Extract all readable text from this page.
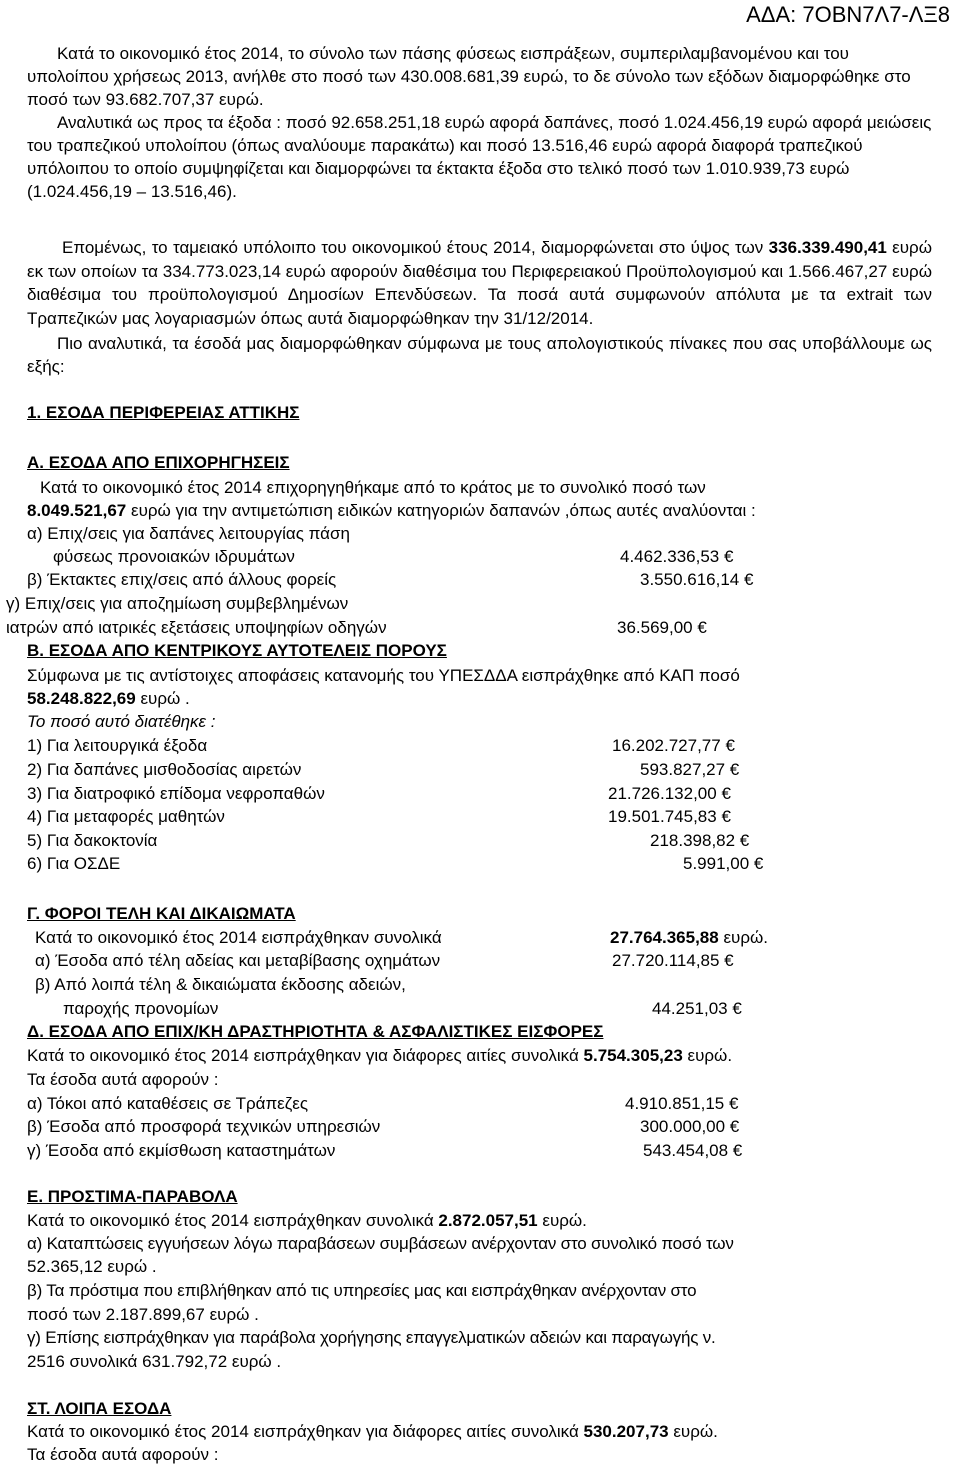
ΑΔΑ: 7ΟΒΝ7Λ7-ΛΞ8
Κατά το οικονομικό έτος 2014, το σύνολο των πάσης φύσεως εισπράξεων, συμπεριλαμβανομένου και του υπολοίπου χρήσεως 2013, ανήλθε στο ποσό των 430.008.681,39 ευρώ, το δε σύνολο των εξόδων διαμορφώθηκε στο ποσό των 93.682.707,37 ευρώ.
Αναλυτικά ως προς τα έξοδα : ποσό 92.658.251,18 ευρώ αφορά δαπάνες, ποσό 1.024.456,19 ευρώ αφορά μειώσεις του τραπεζικού υπολοίπου (όπως αναλύουμε παρακάτω) και ποσό 13.516,46 ευρώ αφορά διαφορά τραπεζικού υπόλοιπου το οποίο συμψηφίζεται και διαμορφώνει τα έκτακτα έξοδα στο τελικό ποσό των 1.010.939,73 ευρώ (1.024.456,19 – 13.516,46).
Επομένως, το ταμειακό υπόλοιπο του οικονομικού έτους 2014, διαμορφώνεται στο ύψος των 336.339.490,41 ευρώ εκ των οποίων τα 334.773.023,14 ευρώ αφορούν διαθέσιμα του Περιφερειακού Προϋπολογισμού και 1.566.467,27 ευρώ διαθέσιμα του προϋπολογισμού Δημοσίων Επενδύσεων. Τα ποσά αυτά συμφωνούν απόλυτα με τα extrait των Τραπεζικών μας λογαριασμών όπως αυτά διαμορφώθηκαν την 31/12/2014.
Πιο αναλυτικά, τα έσοδά μας διαμορφώθηκαν σύμφωνα με τους απολογιστικούς πίνακες που σας υποβάλλουμε ως εξής:
1. ΕΣΟΔΑ ΠΕΡΙΦΕΡΕΙΑΣ ΑΤΤΙΚΗΣ
Α. ΕΣΟΔΑ ΑΠΟ ΕΠΙΧΟΡΗΓΗΣΕΙΣ
Κατά το οικονομικό έτος 2014 επιχορηγηθήκαμε από το κράτος με το συνολικό ποσό των
8.049.521,67 ευρώ για την αντιμετώπιση ειδικών κατηγοριών δαπανών ,όπως αυτές αναλύονται :
α) Επιχ/σεις για δαπάνες λειτουργίας πάση
φύσεως προνοιακών ιδρυμάτων	4.462.336,53 €
β) Έκτακτες επιχ/σεις από άλλους φορείς	3.550.616,14 €
γ) Επιχ/σεις για αποζημίωση συμβεβλημένων
ιατρών από ιατρικές εξετάσεις υποψηφίων οδηγών	36.569,00 €
Β. ΕΣΟΔΑ ΑΠΟ ΚΕΝΤΡΙΚΟΥΣ ΑΥΤΟΤΕΛΕΙΣ ΠΟΡΟΥΣ
Σύμφωνα με τις αντίστοιχες αποφάσεις κατανομής του ΥΠΕΣΔΔΑ εισπράχθηκε από ΚΑΠ ποσό
58.248.822,69 ευρώ .
Το ποσό αυτό διατέθηκε :
1) Για λειτουργικά έξοδα	16.202.727,77 €
2) Για δαπάνες μισθοδοσίας αιρετών	593.827,27 €
3) Για διατροφικό επίδομα νεφροπαθών	21.726.132,00 €
4) Για μεταφορές μαθητών	19.501.745,83 €
5) Για δακοκτονία	218.398,82 €
6) Για ΟΣΔΕ	5.991,00 €
Γ. ΦΟΡΟΙ ΤΕΛΗ ΚΑΙ ΔΙΚΑΙΩΜΑΤΑ
Κατά το οικονομικό έτος 2014 εισπράχθηκαν συνολικά	27.764.365,88 ευρώ.
α) Έσοδα από τέλη αδείας και μεταβίβασης οχημάτων	27.720.114,85 €
β) Από λοιπά τέλη & δικαιώματα έκδοσης αδειών,
παροχής προνομίων	44.251,03 €
Δ. ΕΣΟΔΑ ΑΠΟ ΕΠΙΧ/ΚΗ ΔΡΑΣΤΗΡΙΟΤΗΤΑ & ΑΣΦΑΛΙΣΤΙΚΕΣ ΕΙΣΦΟΡΕΣ
Κατά το οικονομικό έτος 2014 εισπράχθηκαν για διάφορες αιτίες συνολικά 5.754.305,23 ευρώ.
Τα έσοδα αυτά αφορούν :
α) Τόκοι από καταθέσεις σε Τράπεζες	4.910.851,15 €
β) Έσοδα από προσφορά τεχνικών υπηρεσιών	300.000,00 €
γ) Έσοδα από εκμίσθωση καταστημάτων	543.454,08 €
Ε. ΠΡΟΣΤΙΜΑ-ΠΑΡΑΒΟΛΑ
Κατά το οικονομικό έτος 2014 εισπράχθηκαν συνολικά 2.872.057,51 ευρώ.
α) Καταπτώσεις εγγυήσεων λόγω παραβάσεων συμβάσεων ανέρχονταν στο συνολικό ποσό των
52.365,12 ευρώ .
β) Τα πρόστιμα που επιβλήθηκαν από τις υπηρεσίες μας και εισπράχθηκαν ανέρχονταν στο
ποσό των 2.187.899,67 ευρώ .
γ) Επίσης εισπράχθηκαν για παράβολα χορήγησης επαγγελματικών αδειών και παραγωγής ν.
2516 συνολικά 631.792,72 ευρώ .
ΣΤ. ΛΟΙΠΑ ΕΣΟΔΑ
Κατά το οικονομικό έτος 2014 εισπράχθηκαν για διάφορες αιτίες συνολικά 530.207,73 ευρώ.
Τα έσοδα αυτά αφορούν :
